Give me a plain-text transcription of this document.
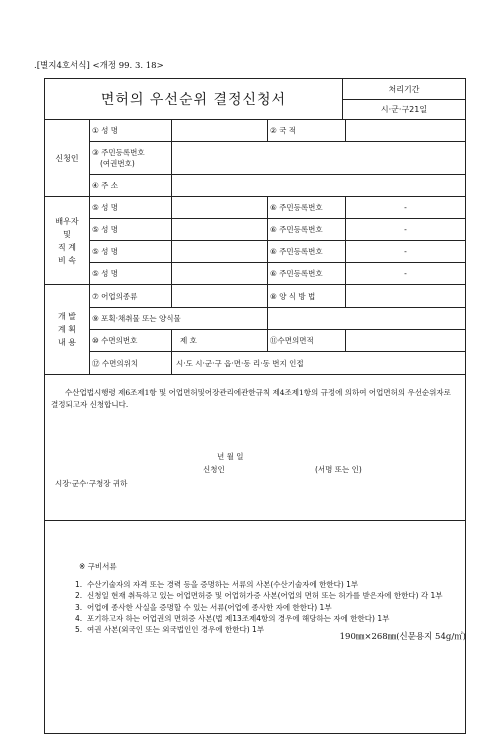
.[별지4호서식] <개정 99. 3. 18>
면허의 우선순위 결정신청서
처리기간
시·군·구21일
신청인
① 성 명	② 국 적
③ 주민등록번호
(여권번호)
④ 주 소
배우자
및
직 계
비 속
⑤ 성 명	⑥ 주민등록번호	-
⑤ 성 명	⑥ 주민등록번호	-
⑤ 성 명	⑥ 주민등록번호	-
⑤ 성 명	⑥ 주민등록번호	-
개 발
계 획
내 용
⑦ 어업의종류	⑧ 양 식 방 법
⑨ 포획·채취물 또는 양식물
⑩ 수면의번호	제 호	⑪수면의면적
⑫ 수면의위치	시·도 시·군·구 읍·면·동 리·동 번지 인접
수산업법시행령 제6조제1항 및 어업면허및어장관리에관한규칙 제4조제1항의 규정에 의하여 어업면허의 우선순위자로 결정되고자 신청합니다.
년 월 일
신청인	(서명 또는 인)
시장·군수·구청장 귀하
※ 구비서류
1. 수산기술자의 자격 또는 경력 등을 증명하는 서류의 사본(수산기술자에 한한다) 1부
2. 신청일 현재 취득하고 있는 어업면허증 및 어업허가증 사본(어업의 면허 또는 허가를 받은자에 한한다) 각 1부
3. 어업에 종사한 사실을 증명할 수 있는 서류(어업에 종사한 자에 한한다) 1부
4. 포기하고자 하는 어업권의 면허증 사본(법 제13조제4항의 경우에 해당하는 자에 한한다) 1부
5. 여권 사본(외국인 또는 외국법인인 경우에 한한다) 1부
190㎜×268㎜(신문용지 54g/㎡)
